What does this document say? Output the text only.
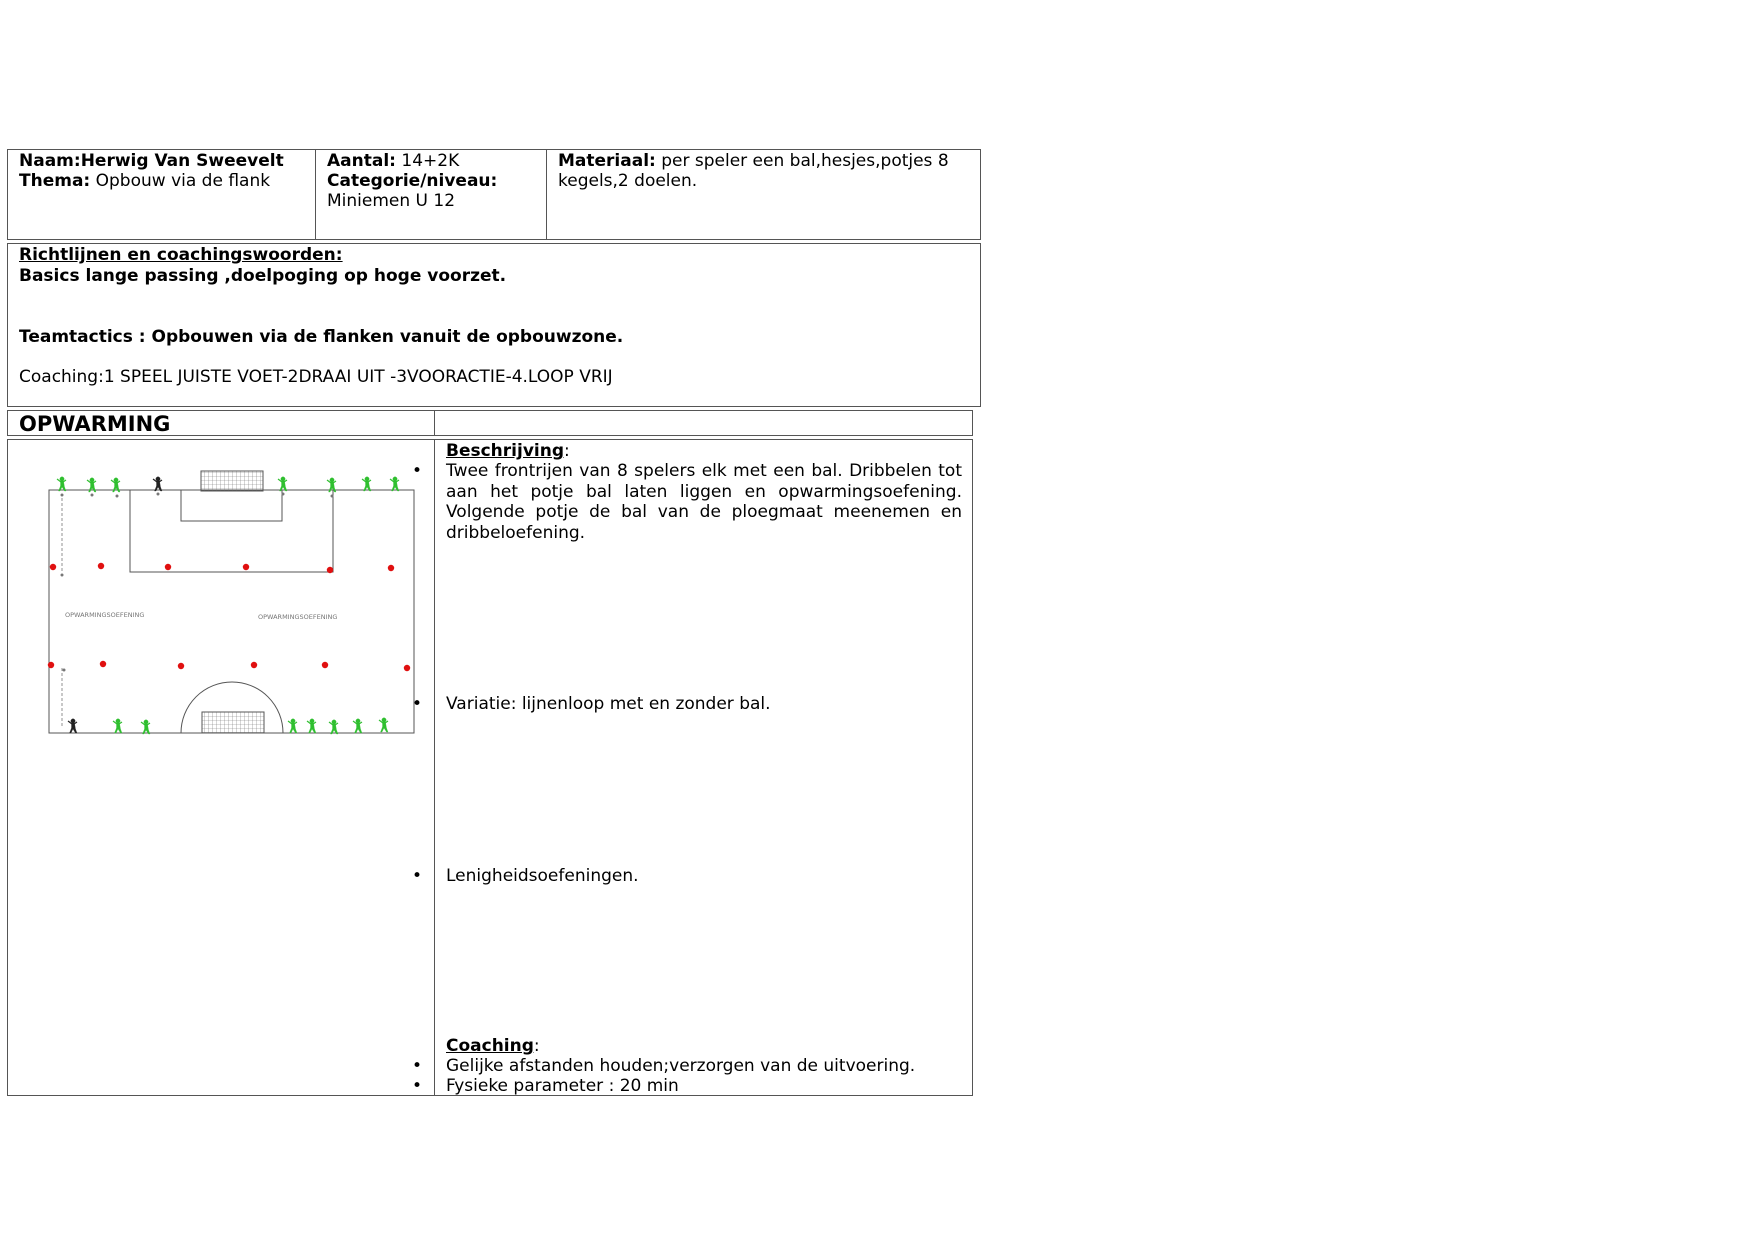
Naam:Herwig Van Sweevelt
Thema: Opbouw via de flank
Aantal: 14+2K
Categorie/niveau:
Miniemen U 12
Materiaal: per speler een bal,hesjes,potjes 8
kegels,2 doelen.
Richtlijnen en coachingswoorden:
Basics lange passing ,doelpoging op hoge voorzet.
Teamtactics : Opbouwen via de flanken vanuit de opbouwzone.
Coaching:1 SPEEL JUISTE VOET-2DRAAI UIT -3VOORACTIE-4.LOOP VRIJ
OPWARMING
OPWARMINGSOEFENING	OPWARMINGSOEFENING
Beschrijving:
• Twee frontrijen van 8 spelers elk met een bal. Dribbelen tot aan het potje bal laten liggen en opwarmingsoefening. Volgende potje de bal van de ploegmaat meenemen en dribbeloefening.
• Variatie: lijnenloop met en zonder bal.
• Lenigheidsoefeningen.
Coaching:
• Gelijke afstanden houden;verzorgen van de uitvoering.
• Fysieke parameter : 20 min
